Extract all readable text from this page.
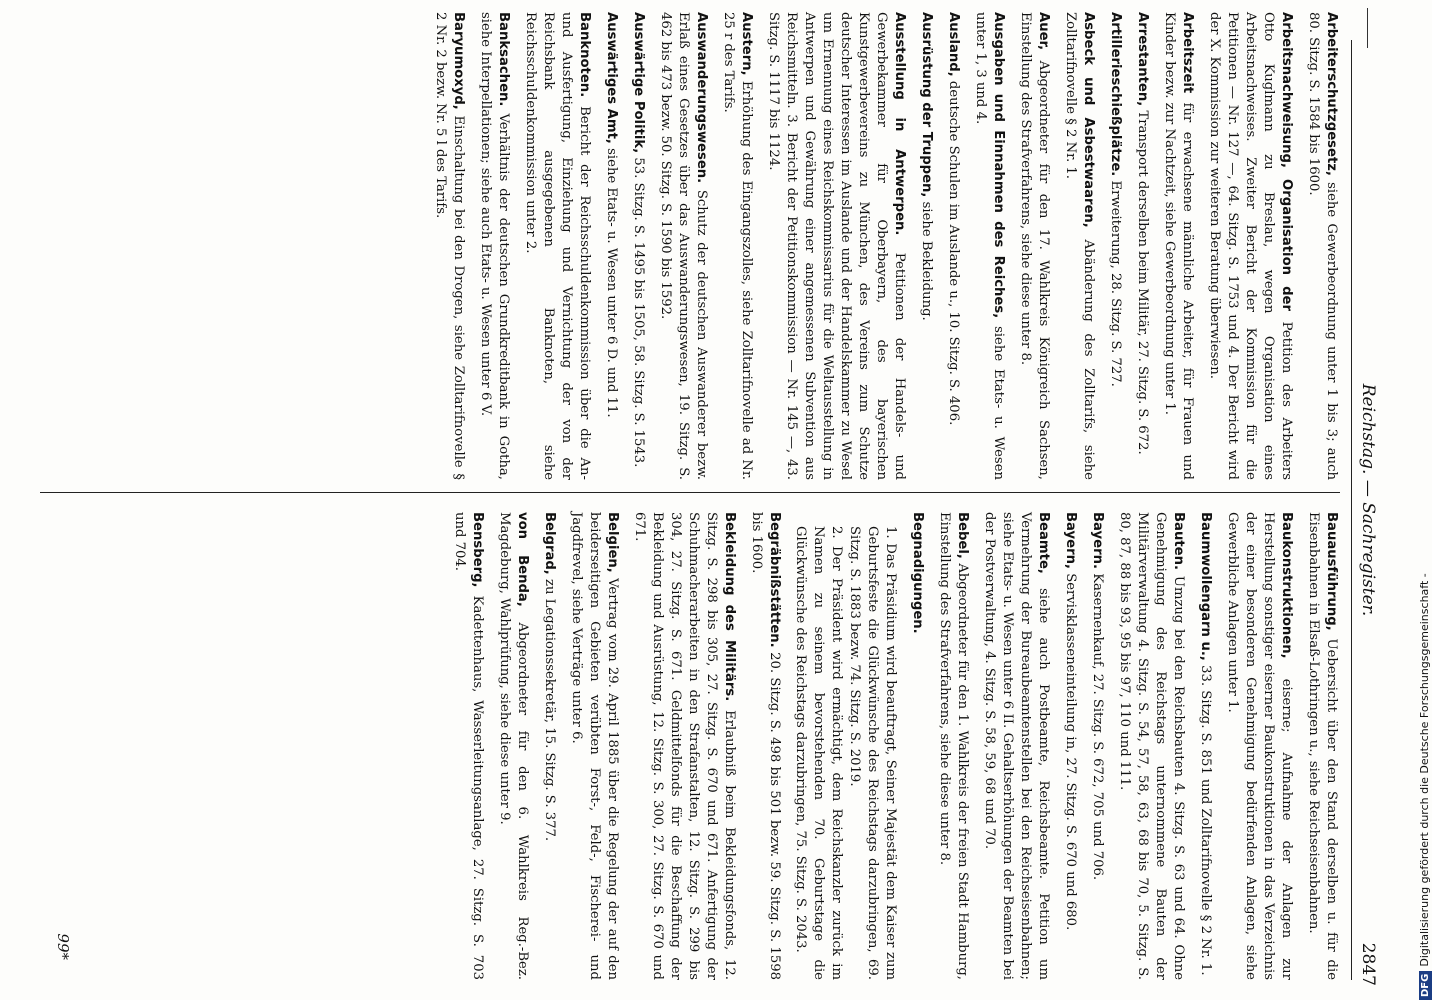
Reichstag. — Sachregister.
2847
Arbeiterschutzgesetz, siehe Gewerbeordnung unter 1 bis 3; auch 80. Sitzg. S. 1584 bis 1600.
Arbeitsnachweisung, Organisation der Petition des Arbeiters Otto Kuglmann zu Breslau, wegen Organisation eines Arbeitsnachweises. Zweiter Bericht der Kommission für die Petitionen — Nr. 127 —, 64. Sitzg. S. 1753 und 4. Der Bericht wird der X. Kommission zur weiteren Beratung überwiesen.
Arbeitszeit für erwachsene männliche Arbeiter, für Frauen und Kinder bezw. zur Nachtzeit, siehe Gewerbeordnung unter 1.
Arrestanten, Transport derselben beim Militär, 27. Sitzg. S. 672.
Artillerieschießplätze. Erweiterung, 28. Sitzg. S. 727.
Asbeck und Asbestwaaren, Abänderung des Zolltarifs, siehe Zolltarifnovelle § 2 Nr. 1.
Auer, Abgeordneter für den 17. Wahlkreis Königreich Sachsen, Einstellung des Strafverfahrens, siehe diese unter 8.
Ausgaben und Einnahmen des Reiches, siehe Etats- u. Wesen unter 1, 3 und 4.
Ausland, deutsche Schulen im Auslande u., 10. Sitzg. S. 406.
Ausrüstung der Truppen, siehe Bekleidung.
Ausstellung in Antwerpen. Petitionen der Handels- und Gewerbekammer für Oberbayern, des bayerischen Kunstgewerbevereins zu München, des Vereins zum Schutze deutscher Interessen im Auslande und der Handelskammer zu Wesel um Ernennung eines Reichskommissarius für die Weltausstellung in Antwerpen und Gewährung einer angemessenen Subvention aus Reichsmitteln. 3. Bericht der Petitionskommission — Nr. 145 —, 43. Sitzg. S. 1117 bis 1124.
Austern, Erhöhung des Eingangszolles, siehe Zolltarifnovelle ad Nr. 25 r des Tarifs.
Auswanderungswesen. Schutz der deutschen Auswanderer bezw. Erlaß eines Gesetzes über das Auswanderungswesen, 19. Sitzg. S. 462 bis 473 bezw. 50. Sitzg. S. 1590 bis 1592.
Auswärtige Politik, 53. Sitzg. S. 1495 bis 1505, 58. Sitzg. S. 1543.
Auswärtiges Amt, siehe Etats- u. Wesen unter 6 D. und 11.
Banknoten. Bericht der Reichsschuldenkommission über die An- und Ausfertigung, Einziehung und Vernichtung der von der Reichsbank ausgegebenen Banknoten, siehe Reichsschuldenkommission unter 2.
Banksachen. Verhältnis der deutschen Grundkreditbank in Gotha, siehe Interpellationen; siehe auch Etats- u. Wesen unter 6 V.
Baryumoxyd, Einschaltung bei den Drogen, siehe Zolltarifnovelle § 2 Nr. 2 bezw. Nr. 5 l des Tarifs.
Bauausführung, Uebersicht über den Stand derselben u. für die Eisenbahnen in Elsaß-Lothringen u., siehe Reichseisenbahnen.
Baukonstruktionen, eiserne; Aufnahme der Anlagen zur Herstellung sonstiger eiserner Baukonstruktionen in das Verzeichnis der einer besonderen Genehmigung bedürfenden Anlagen, siehe Gewerbliche Anlagen unter 1.
Baumwollengarn u., 33. Sitzg. S. 851 und Zolltarifnovelle § 2 Nr. 1.
Bauten. Umzug bei den Reichsbauten 4. Sitzg. S. 63 und 64. Ohne Genehmigung des Reichstags unternommene Bauten der Militärverwaltung 4. Sitzg. S. 54, 57, 58, 63, 68 bis 70, 5. Sitzg. S. 80, 87, 88 bis 93, 95 bis 97, 110 und 111.
Bayern. Kasernenkauf, 27. Sitzg. S. 672, 705 und 706.
Bayern, Servisklasseneinteilung in, 27. Sitzg. S. 670 und 680.
Beamte, siehe auch Postbeamte, Reichsbeamte. Petition um Vermehrung der Bureaubeamtenstellen bei den Reichseisenbahnen; siehe Etats- u. Wesen unter 6 II. Gehaltserhöhungen der Beamten bei der Postverwaltung, 4. Sitzg. S. 58, 59, 68 und 70.
Bebel, Abgeordneter für den 1. Wahlkreis der freien Stadt Hamburg, Einstellung des Strafverfahrens, siehe diese unter 8.
Begnadigungen.
1. Das Präsidium wird beauftragt, Seiner Majestät dem Kaiser zum Geburtsfeste die Glückwünsche des Reichstags darzubringen, 69. Sitzg. S. 1883 bezw. 74. Sitzg. S. 2019.
2. Der Präsident wird ermächtigt, dem Reichskanzler zurück im Namen zu seinem bevorstehenden 70. Geburtstage die Glückwünsche des Reichstags darzubringen, 75. Sitzg. S. 2043.
Begräbnißstätten. 20. Sitzg. S. 498 bis 501 bezw. 59. Sitzg. S. 1598 bis 1600.
Bekleidung des Militärs. Erlaubniß beim Bekleidungsfonds, 12. Sitzg. S. 298 bis 305, 27. Sitzg. S. 670 und 671. Anfertigung der Schuhmacherarbeiten in den Strafanstalten, 12. Sitzg. S. 299 bis 304, 27. Sitzg. S. 671. Geldmittelfonds für die Beschaffung der Bekleidung und Ausrüstung, 12. Sitzg. S. 300, 27. Sitzg. S. 670 und 671.
Belgien, Vertrag vom 29. April 1885 über die Regelung der auf den beiderseitigen Gebieten verübten Forst-, Feld-, Fischerei- und Jagdfrevel, siehe Verträge unter 6.
Belgrad, zu Legationssekretär, 15. Sitzg. S. 377.
von Benda, Abgeordneter für den 6. Wahlkreis Reg.-Bez. Magdeburg, Wahlprüfung, siehe diese unter 9.
Bensberg, Kadettenhaus, Wasserleitungsanlage, 27. Sitzg. S. 703 und 704.
99*
DFGDigitalisierung gefördert durch die Deutsche Forschungsgemeinschaft -
